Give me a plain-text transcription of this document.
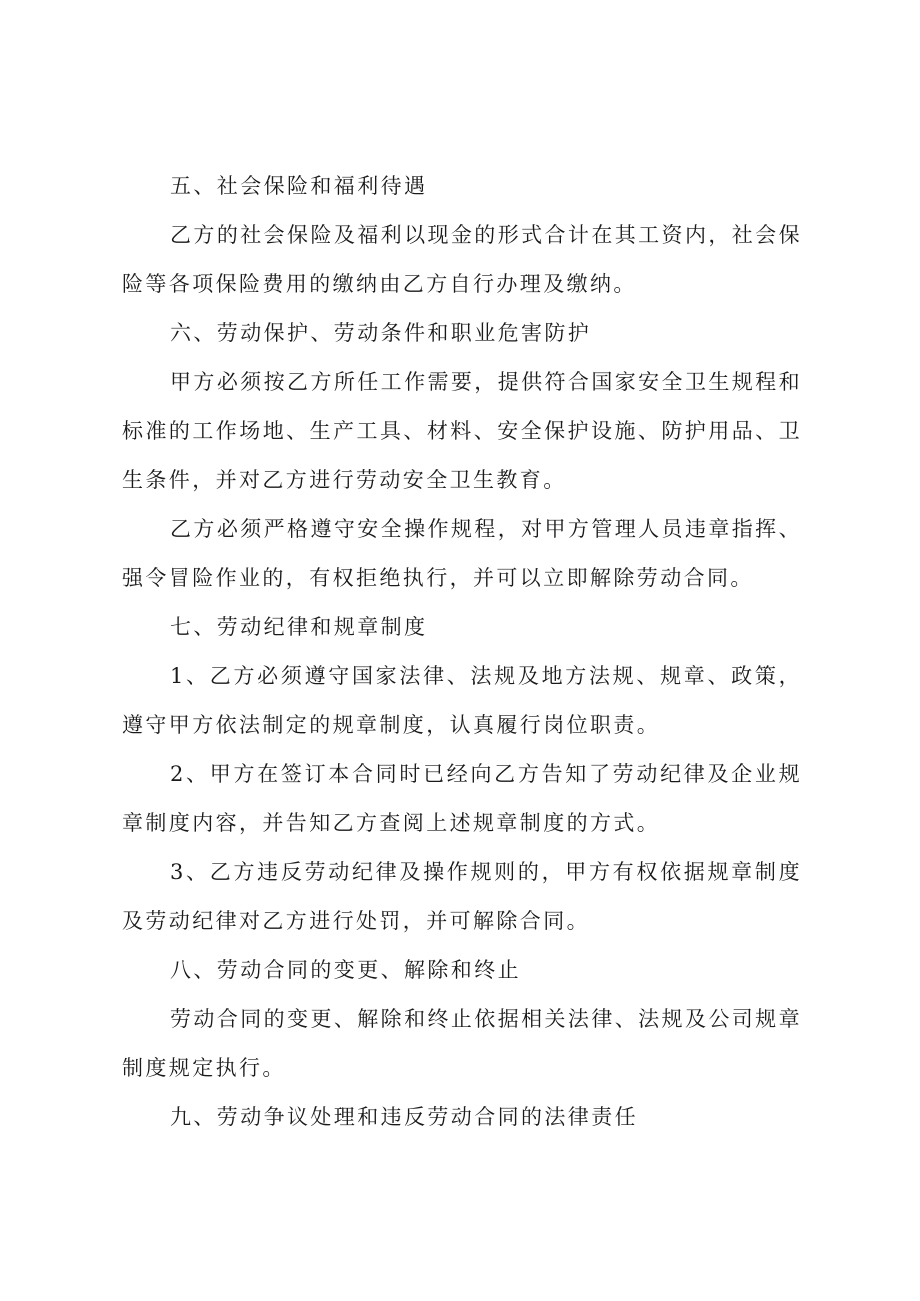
五、社会保险和福利待遇

乙方的社会保险及福利以现金的形式合计在其工资内，社会保险等各项保险费用的缴纳由乙方自行办理及缴纳。

六、劳动保护、劳动条件和职业危害防护

甲方必须按乙方所任工作需要，提供符合国家安全卫生规程和标准的工作场地、生产工具、材料、安全保护设施、防护用品、卫生条件，并对乙方进行劳动安全卫生教育。

乙方必须严格遵守安全操作规程，对甲方管理人员违章指挥、强令冒险作业的，有权拒绝执行，并可以立即解除劳动合同。

七、劳动纪律和规章制度

1、乙方必须遵守国家法律、法规及地方法规、规章、政策，遵守甲方依法制定的规章制度，认真履行岗位职责。

2、甲方在签订本合同时已经向乙方告知了劳动纪律及企业规章制度内容，并告知乙方查阅上述规章制度的方式。

3、乙方违反劳动纪律及操作规则的，甲方有权依据规章制度及劳动纪律对乙方进行处罚，并可解除合同。

八、劳动合同的变更、解除和终止

劳动合同的变更、解除和终止依据相关法律、法规及公司规章制度规定执行。

九、劳动争议处理和违反劳动合同的法律责任
